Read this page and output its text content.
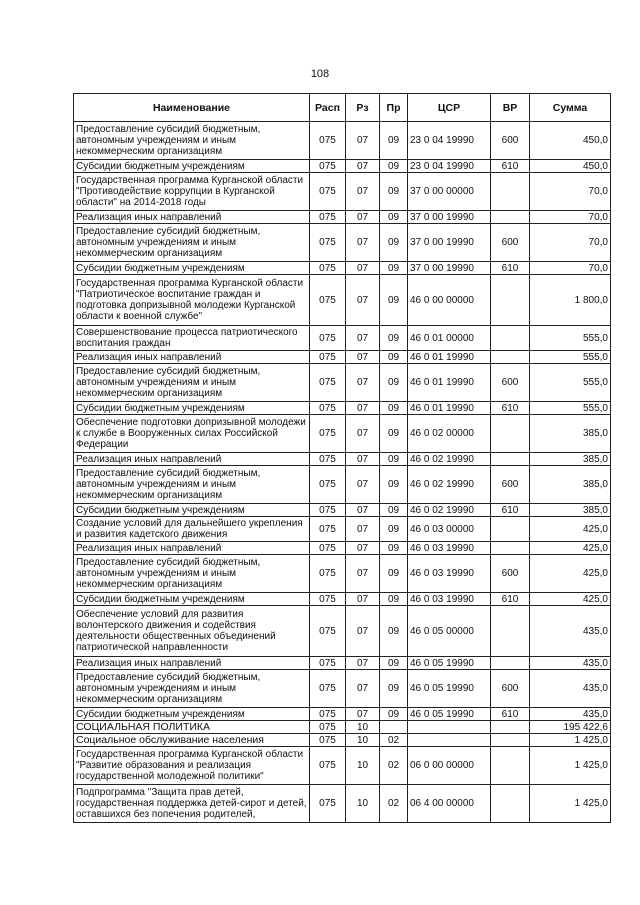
108
Наименование	Расп	Рз	Пр	ЦСР	ВР	Сумма
Предоставление субсидий бюджетным, автономным учреждениям и иным некоммерческим организациям	075	07	09	23 0 04 19990	600	450,0
Субсидии бюджетным учреждениям	075	07	09	23 0 04 19990	610	450,0
Государственная программа Курганской области "Противодействие коррупции в Курганской области" на 2014-2018 годы	075	07	09	37 0 00 00000		70,0
Реализация иных направлений	075	07	09	37 0 00 19990		70,0
Предоставление субсидий бюджетным, автономным учреждениям и иным некоммерческим организациям	075	07	09	37 0 00 19990	600	70,0
Субсидии бюджетным учреждениям	075	07	09	37 0 00 19990	610	70,0
Государственная программа Курганской области "Патриотическое воспитание граждан и подготовка допризывной молодежи Курганской области к военной службе"	075	07	09	46 0 00 00000		1 800,0
Совершенствование процесса патриотического воспитания граждан	075	07	09	46 0 01 00000		555,0
Реализация иных направлений	075	07	09	46 0 01 19990		555,0
Предоставление субсидий бюджетным, автономным учреждениям и иным некоммерческим организациям	075	07	09	46 0 01 19990	600	555,0
Субсидии бюджетным учреждениям	075	07	09	46 0 01 19990	610	555,0
Обеспечение подготовки допризывной молодежи к службе в Вооруженных силах Российской Федерации	075	07	09	46 0 02 00000		385,0
Реализация иных направлений	075	07	09	46 0 02 19990		385,0
Предоставление субсидий бюджетным, автономным учреждениям и иным некоммерческим организациям	075	07	09	46 0 02 19990	600	385,0
Субсидии бюджетным учреждениям	075	07	09	46 0 02 19990	610	385,0
Создание условий для дальнейшего укрепления и развития кадетского движения	075	07	09	46 0 03 00000		425,0
Реализация иных направлений	075	07	09	46 0 03 19990		425,0
Предоставление субсидий бюджетным, автономным учреждениям и иным некоммерческим организациям	075	07	09	46 0 03 19990	600	425,0
Субсидии бюджетным учреждениям	075	07	09	46 0 03 19990	610	425,0
Обеспечение условий для развития волонтерского движения и содействия деятельности общественных объединений патриотической направленности	075	07	09	46 0 05 00000		435,0
Реализация иных направлений	075	07	09	46 0 05 19990		435,0
Предоставление субсидий бюджетным, автономным учреждениям и иным некоммерческим организациям	075	07	09	46 0 05 19990	600	435,0
Субсидии бюджетным учреждениям	075	07	09	46 0 05 19990	610	435,0
СОЦИАЛЬНАЯ ПОЛИТИКА	075	10				195 422,6
Социальное обслуживание населения	075	10	02			1 425,0
Государственная программа Курганской области "Развитие образования и реализация государственной молодежной политики"	075	10	02	06 0 00 00000		1 425,0
Подпрограмма "Защита прав детей, государственная поддержка детей-сирот и детей, оставшихся без попечения родителей,	075	10	02	06 4 00 00000		1 425,0
